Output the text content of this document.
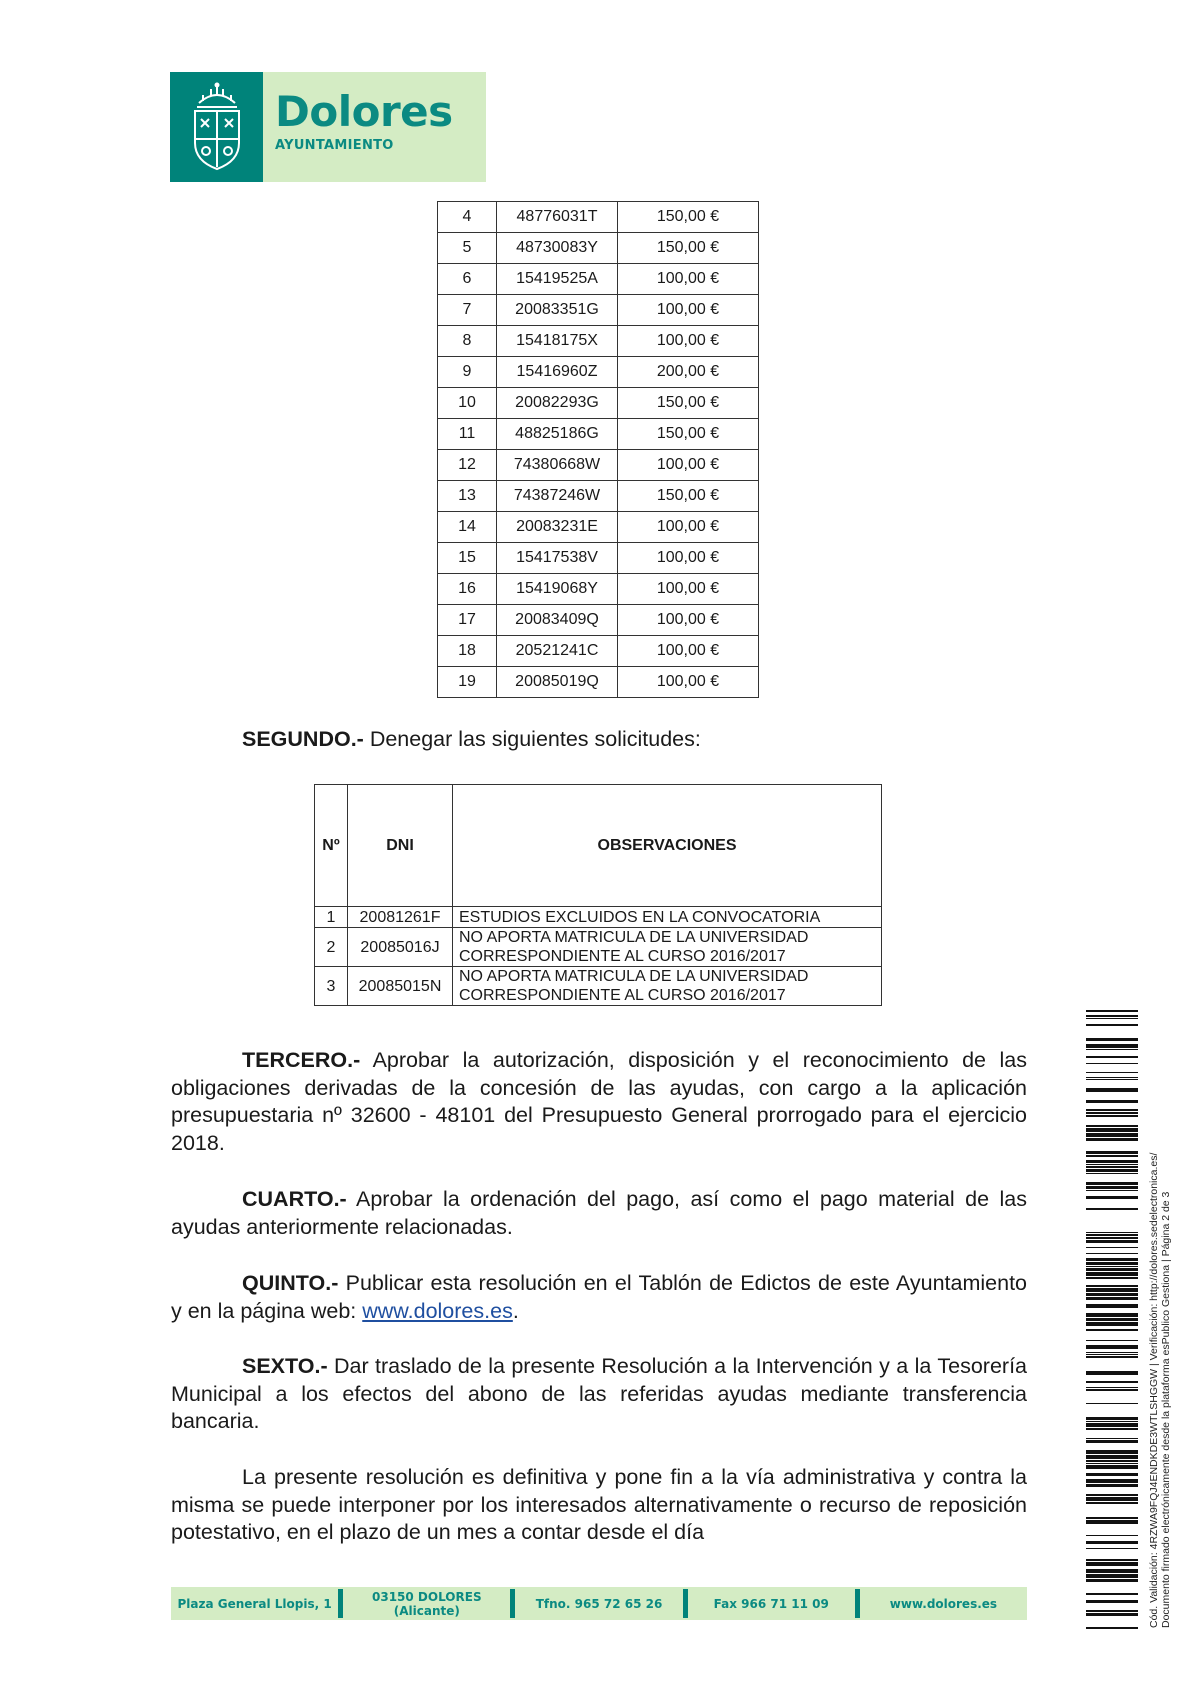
Dolores
AYUNTAMIENTO
4	48776031T	150,00 €
5	48730083Y	150,00 €
6	15419525A	100,00 €
7	20083351G	100,00 €
8	15418175X	100,00 €
9	15416960Z	200,00 €
10	20082293G	150,00 €
11	48825186G	150,00 €
12	74380668W	100,00 €
13	74387246W	150,00 €
14	20083231E	100,00 €
15	15417538V	100,00 €
16	15419068Y	100,00 €
17	20083409Q	100,00 €
18	20521241C	100,00 €
19	20085019Q	100,00 €
SEGUNDO.- Denegar las siguientes solicitudes:
Nº	DNI	OBSERVACIONES
1	20081261F	ESTUDIOS EXCLUIDOS EN LA CONVOCATORIA
2	20085016J	NO APORTA MATRICULA DE LA UNIVERSIDAD
CORRESPONDIENTE AL CURSO 2016/2017
3	20085015N	NO APORTA MATRICULA DE LA UNIVERSIDAD
CORRESPONDIENTE AL CURSO 2016/2017
TERCERO.- Aprobar la autorización, disposición y el reconocimiento de las obligaciones derivadas de la concesión de las ayudas, con cargo a la aplicación presupuestaria nº 32600 - 48101 del Presupuesto General prorrogado para el ejercicio 2018.
CUARTO.- Aprobar la ordenación del pago, así como el pago material de las ayudas anteriormente relacionadas.
QUINTO.- Publicar esta resolución en el Tablón de Edictos de este Ayuntamiento y en la página web: www.dolores.es.
SEXTO.- Dar traslado de la presente Resolución a la Intervención y a la Tesorería Municipal a los efectos del abono de las referidas ayudas mediante transferencia bancaria.
La presente resolución es definitiva y pone fin a la vía administrativa y contra la misma se puede interponer por los interesados alternativamente o recurso de reposición potestativo, en el plazo de un mes a contar desde el día
Plaza General Llopis, 1	03150 DOLORES (Alicante)	Tfno. 965 72 65 26	Fax 966 71 11 09	www.dolores.es	Cód. Validación: 4RZWA9FQJ4ENDKDE3WTLSHGGW | Verificación: http://dolores.sedelectronica.es/ Documento firmado electrónicamente desde la plataforma esPublico Gestiona | Página 2 de 3
